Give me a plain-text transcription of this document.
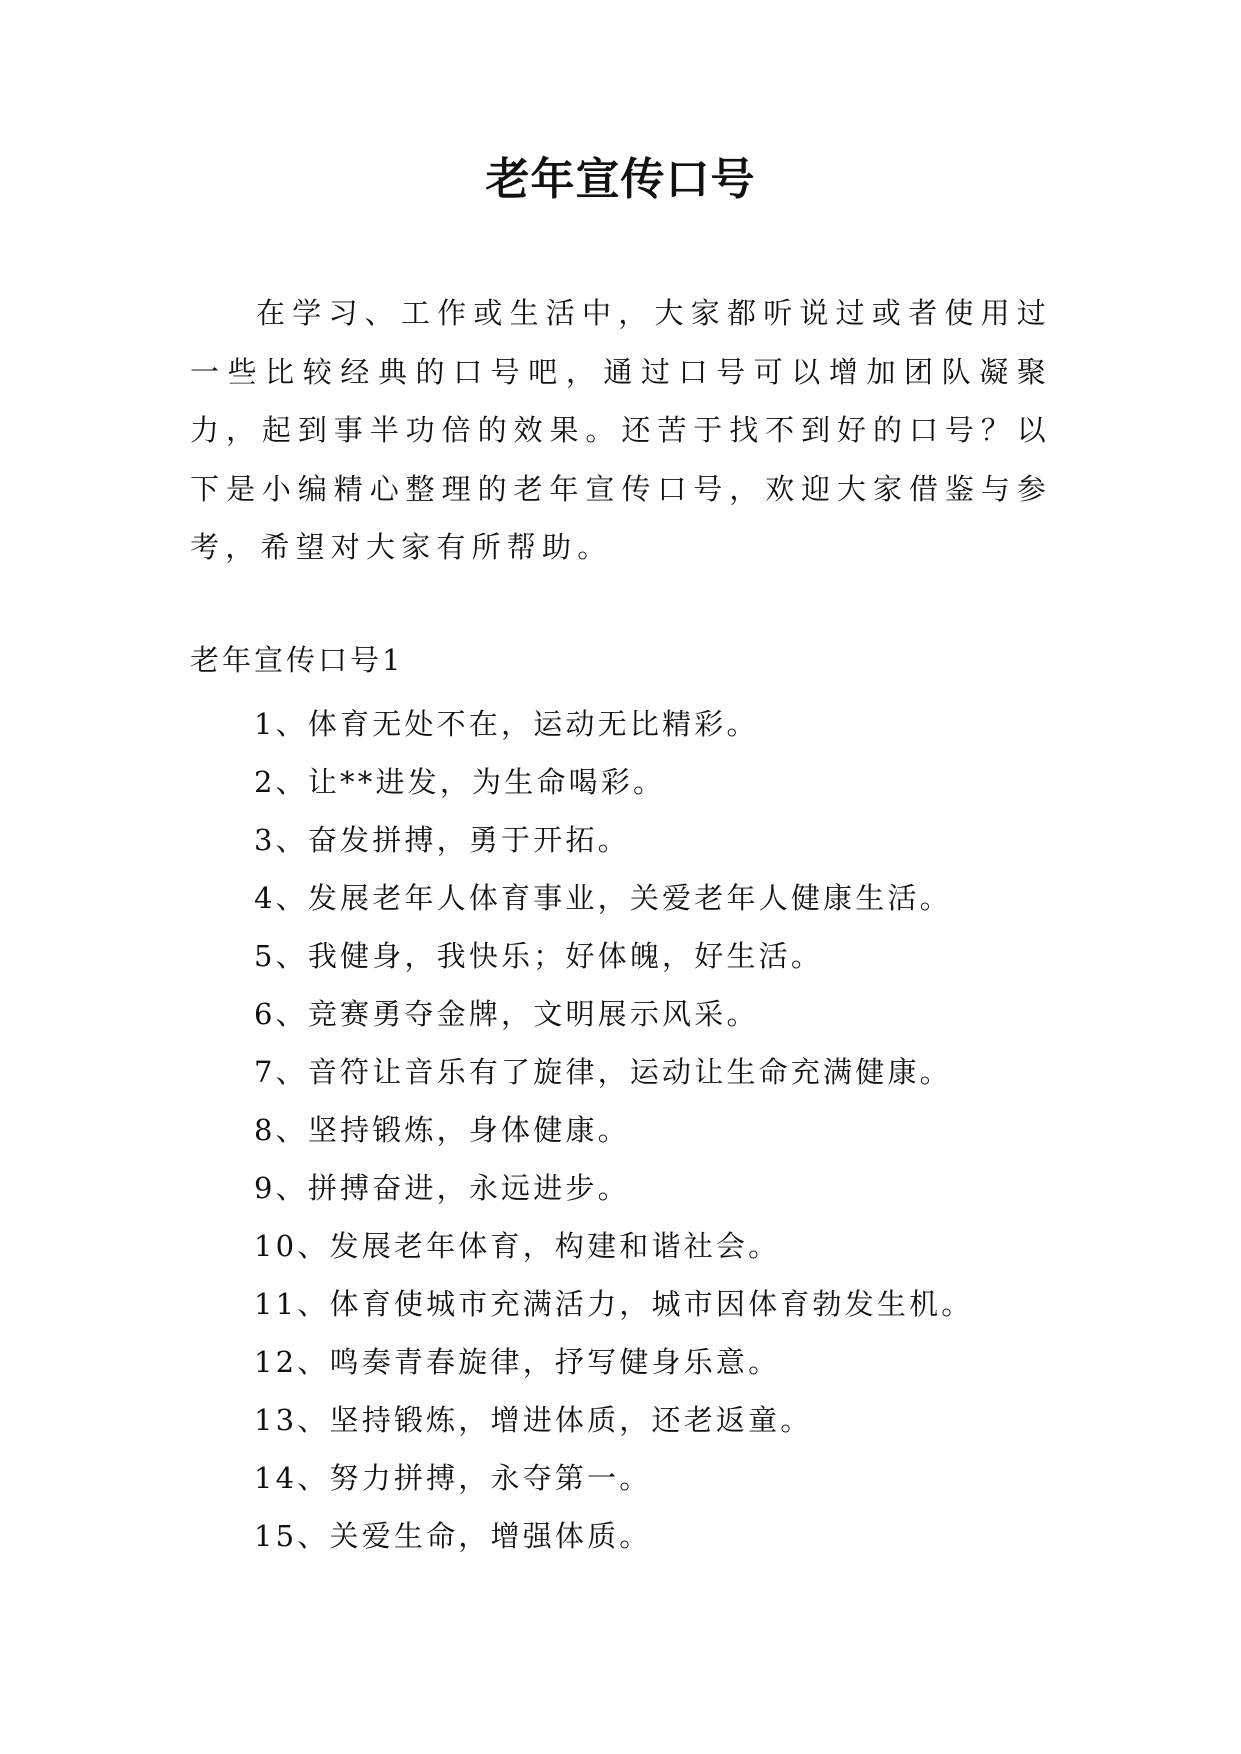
老年宣传口号

在学习、工作或生活中，大家都听说过或者使用过一些比较经典的口号吧，通过口号可以增加团队凝聚力，起到事半功倍的效果。还苦于找不到好的口号？以下是小编精心整理的老年宣传口号，欢迎大家借鉴与参考，希望对大家有所帮助。

老年宣传口号1
1、体育无处不在，运动无比精彩。
2、让**进发，为生命喝彩。
3、奋发拼搏，勇于开拓。
4、发展老年人体育事业，关爱老年人健康生活。
5、我健身，我快乐；好体魄，好生活。
6、竞赛勇夺金牌，文明展示风采。
7、音符让音乐有了旋律，运动让生命充满健康。
8、坚持锻炼，身体健康。
9、拼搏奋进，永远进步。
10、发展老年体育，构建和谐社会。
11、体育使城市充满活力，城市因体育勃发生机。
12、鸣奏青春旋律，抒写健身乐意。
13、坚持锻炼，增进体质，还老返童。
14、努力拼搏，永夺第一。
15、关爱生命，增强体质。
